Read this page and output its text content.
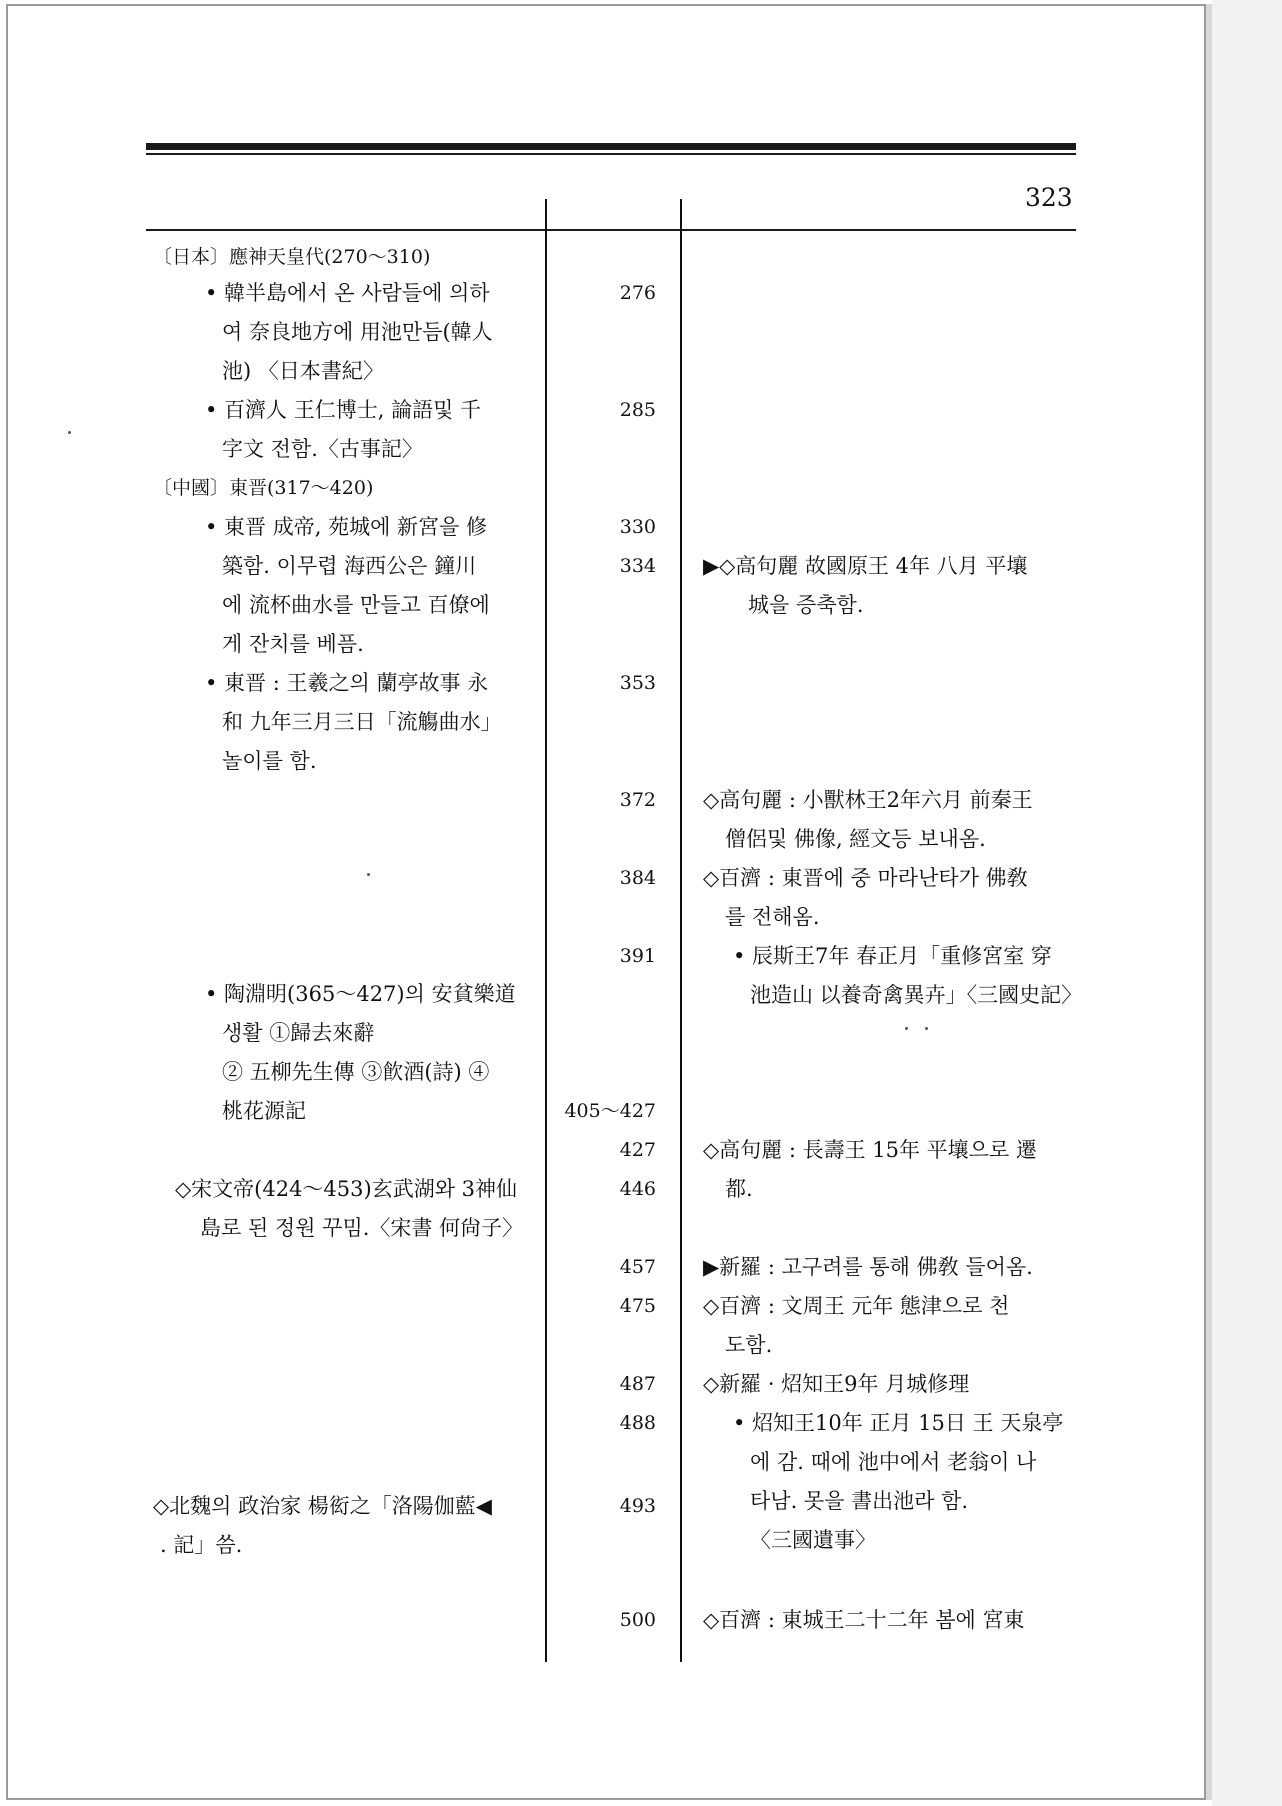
323
〔日本〕應神天皇代(270～310)
• 韓半島에서 온 사람들에 의하
여 奈良地方에 用池만듬(韓人
池) 〈日本書紀〉
• 百濟人 王仁博士, 論語및 千
字文 전함.〈古事記〉
〔中國〕東晋(317～420)
• 東晋 成帝, 苑城에 新宮을 修
築함. 이무렵 海西公은 鐘川
에 流杯曲水를 만들고 百僚에
게 잔치를 베픔.
• 東晋 : 王羲之의 蘭亭故事 永
和 九年三月三日「流觴曲水」
놀이를 함.
• 陶淵明(365～427)의 安貧樂道
생활 ①歸去來辭
② 五柳先生傳 ③飮酒(詩) ④
桃花源記
◇宋文帝(424～453)玄武湖와 3神仙
島로 된 정원 꾸밈.〈宋書 何尙子〉
◇北魏의 政治家 楊衒之「洛陽伽藍◀
. 記」씀.
276
285
330
334
353
372
384
391
405～427
427
446
457
475
487
488
493
500
▶◇高句麗 故國原王 4年 八月 平壤
城을 증축함.
◇高句麗 : 小獸林王2年六月 前秦王
僧侶및 佛像, 經文등 보내옴.
◇百濟 : 東晋에 중 마라난타가 佛敎
를 전해옴.
• 辰斯王7年 春正月「重修宮室 穿
池造山 以養奇禽異卉」〈三國史記〉
◇高句麗 : 長壽王 15年 平壤으로 遷
都.
▶新羅 : 고구려를 통해 佛敎 들어옴.
◇百濟 : 文周王 元年 態津으로 천
도함.
◇新羅 · 炤知王9年 月城修理
• 炤知王10年 正月 15日 王 天泉亭
에 감. 때에 池中에서 老翁이 나
타남. 못을 書出池라 함.
〈三國遺事〉
◇百濟 : 東城王二十二年 봄에 宮東
